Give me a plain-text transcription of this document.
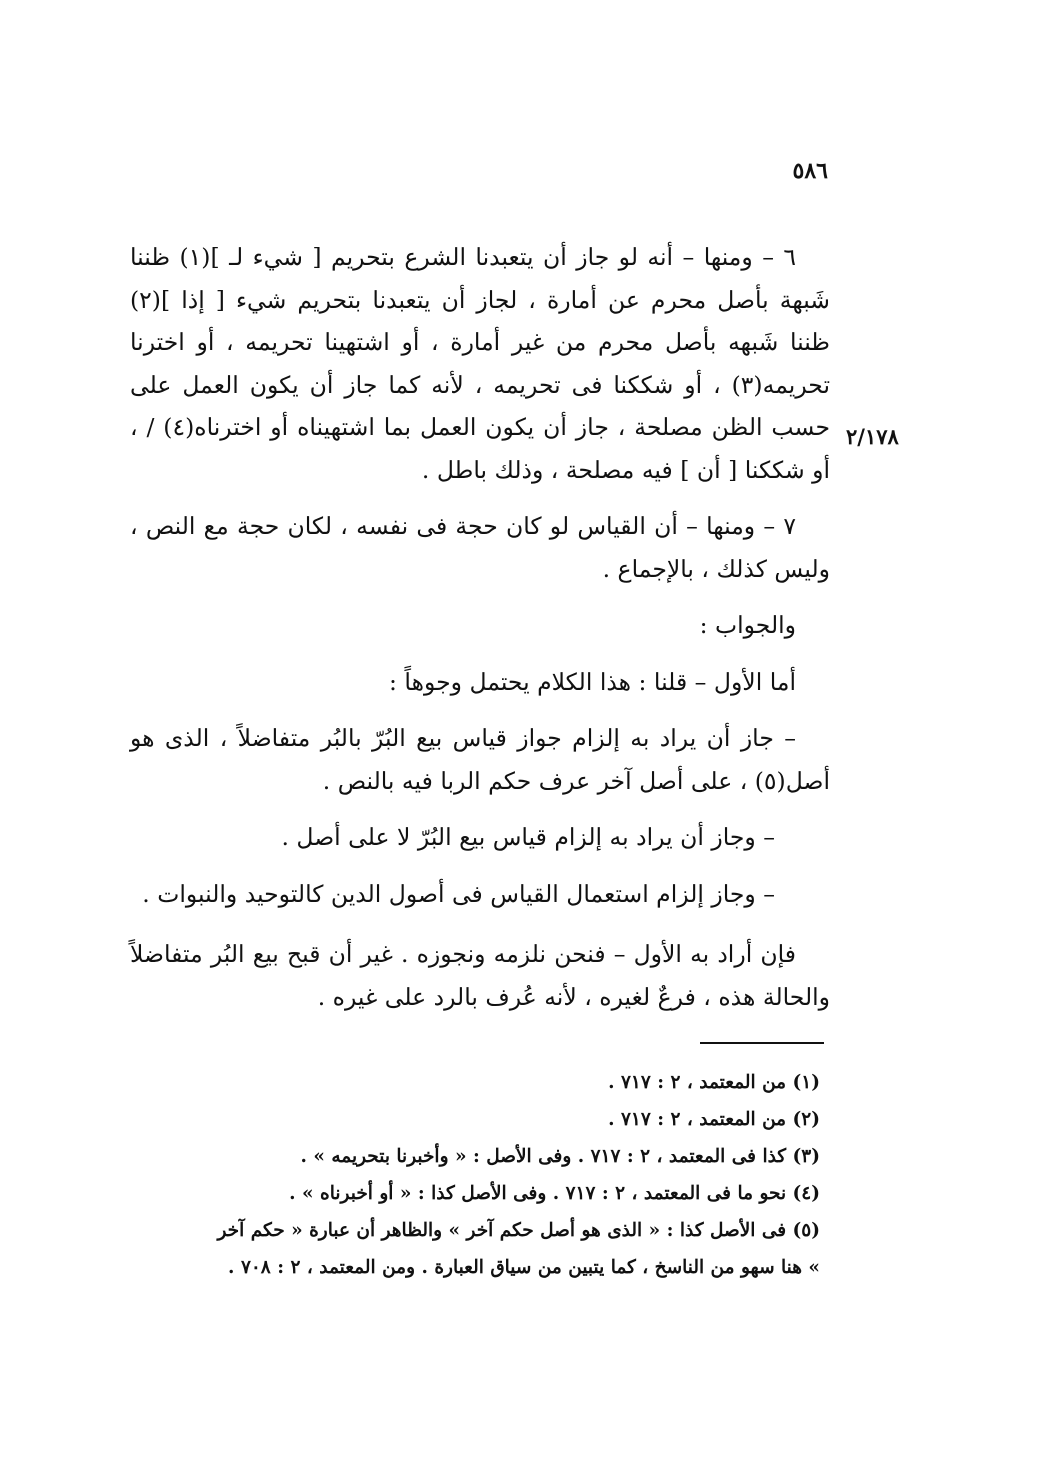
٥٨٦
٢/١٧٨

٦ – ومنها – أنه لو جاز أن يتعبدنا الشرع بتحريم [ شيء لـ ](١) ظننا شَبهة بأصل محرم عن أمارة ، لجاز أن يتعبدنا بتحريم شيء [ إذا ](٢) ظننا شَبهه بأصل محرم من غير أمارة ، أو اشتهينا تحريمه ، أو اخترنا تحريمه(٣) ، أو شككنا فى تحريمه ، لأنه كما جاز أن يكون العمل على حسب الظن مصلحة ، جاز أن يكون العمل بما اشتهيناه أو اخترناه(٤) / ، أو شككنا [ أن ] فيه مصلحة ، وذلك باطل .

٧ – ومنها – أن القياس لو كان حجة فى نفسه ، لكان حجة مع النص ، وليس كذلك ، بالإجماع .

والجواب :

أما الأول – قلنا : هذا الكلام يحتمل وجوهاً :

– جاز أن يراد به إلزام جواز قياس بيع البُرّ بالبُر متفاضلاً ، الذى هو أصل(٥) ، على أصل آخر عرف حكم الربا فيه بالنص .

– وجاز أن يراد به إلزام قياس بيع البُرّ لا على أصل .

– وجاز إلزام استعمال القياس فى أصول الدين كالتوحيد والنبوات .

فإن أراد به الأول – فنحن نلزمه ونجوزه . غير أن قبح بيع البُر متفاضلاً والحالة هذه ، فرعٌ لغيره ، لأنه عُرف بالرد على غيره .

(١) من المعتمد ، ٢ : ٧١٧ .

(٢) من المعتمد ، ٢ : ٧١٧ .

(٣) كذا فى المعتمد ، ٢ : ٧١٧ . وفى الأصل : « وأخبرنا بتحريمه » .

(٤) نحو ما فى المعتمد ، ٢ : ٧١٧ . وفى الأصل كذا : « أو أخبرناه » .

(٥) فى الأصل كذا : « الذى هو أصل حكم آخر » والظاهر أن عبارة « حكم آخر » هنا سهو من الناسخ ، كما يتبين من سياق العبارة . ومن المعتمد ، ٢ : ٧٠٨ .
